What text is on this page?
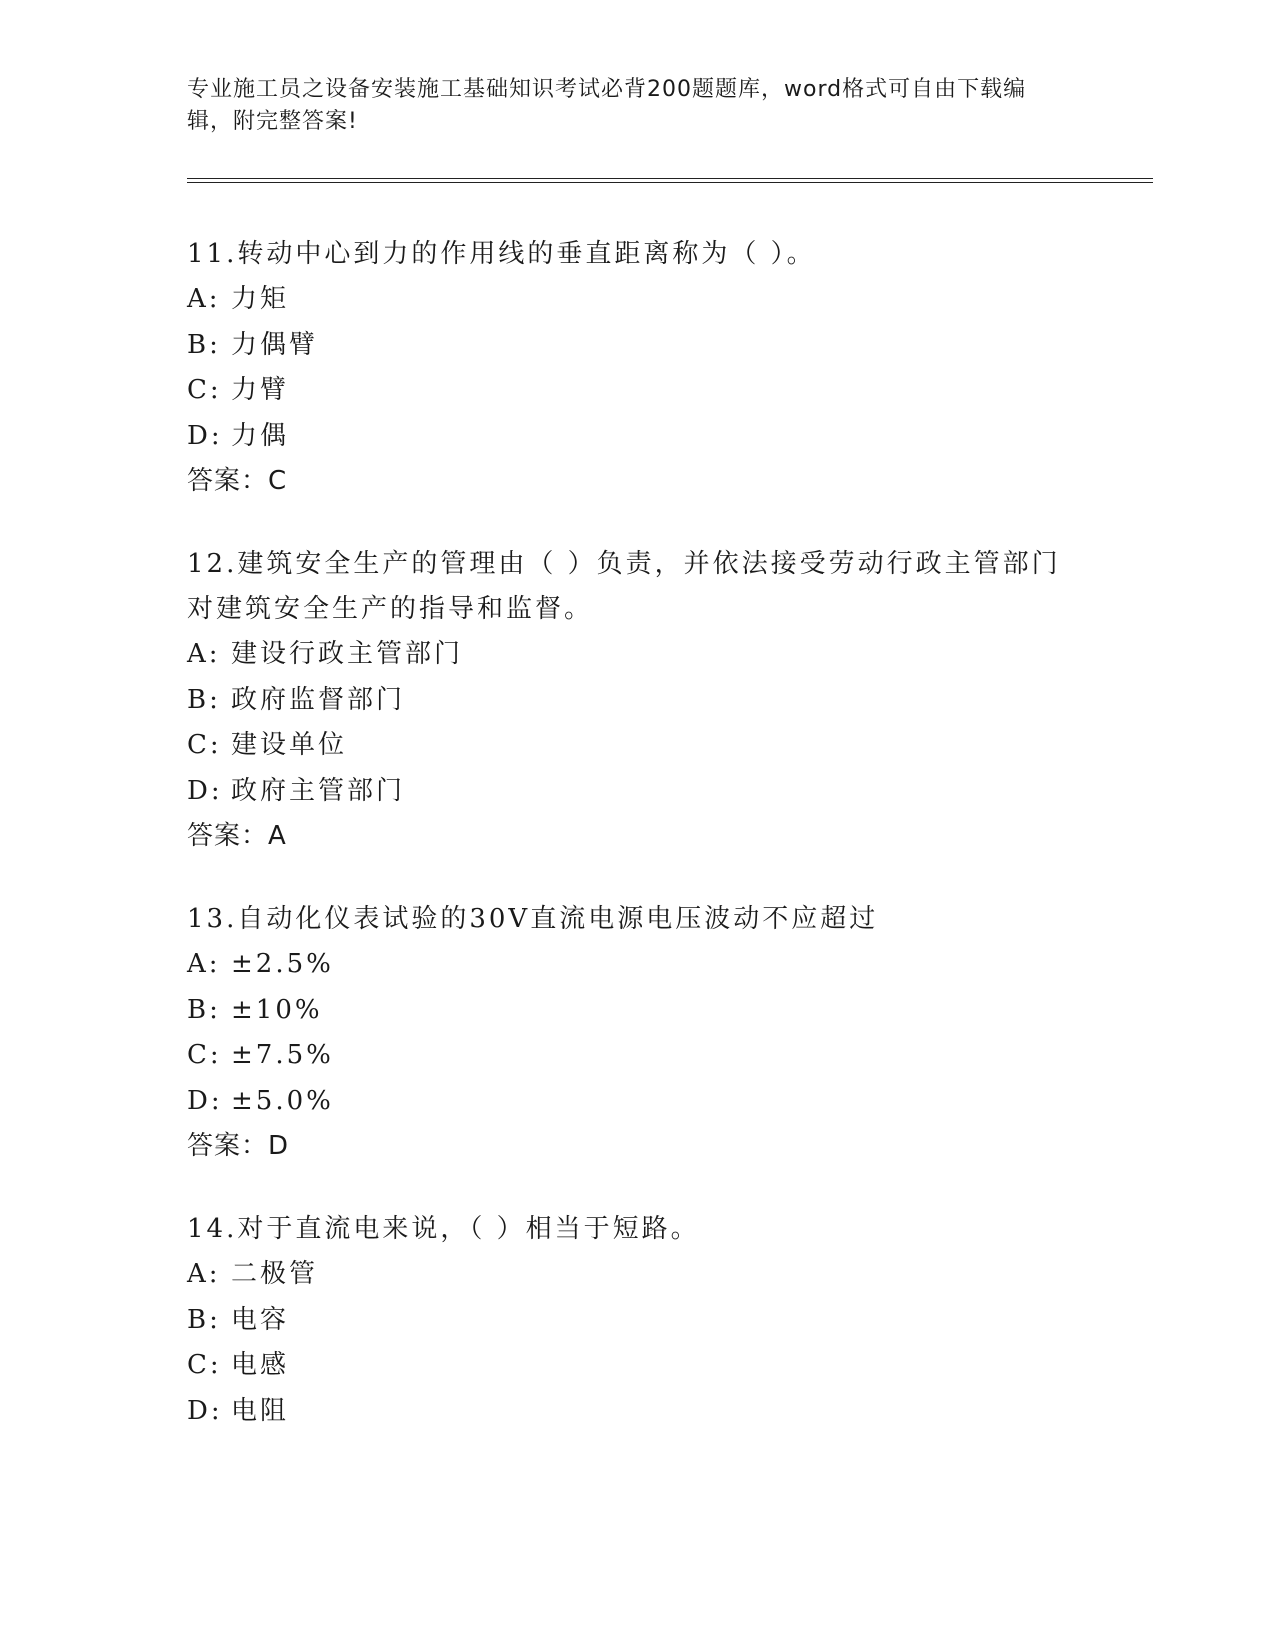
专业施工员之设备安装施工基础知识考试必背200题题库，word格式可自由下载编辑，附完整答案!
11.转动中心到力的作用线的垂直距离称为（ ）。
A: 力矩
B: 力偶臂
C: 力臂
D: 力偶
答案：C
12.建筑安全生产的管理由（ ）负责，并依法接受劳动行政主管部门对建筑安全生产的指导和监督。
A: 建设行政主管部门
B: 政府监督部门
C: 建设单位
D: 政府主管部门
答案：A
13.自动化仪表试验的30V直流电源电压波动不应超过
A: ±2.5%
B: ±10%
C: ±7.5%
D: ±5.0%
答案：D
14.对于直流电来说，（ ）相当于短路。
A: 二极管
B: 电容
C: 电感
D: 电阻
